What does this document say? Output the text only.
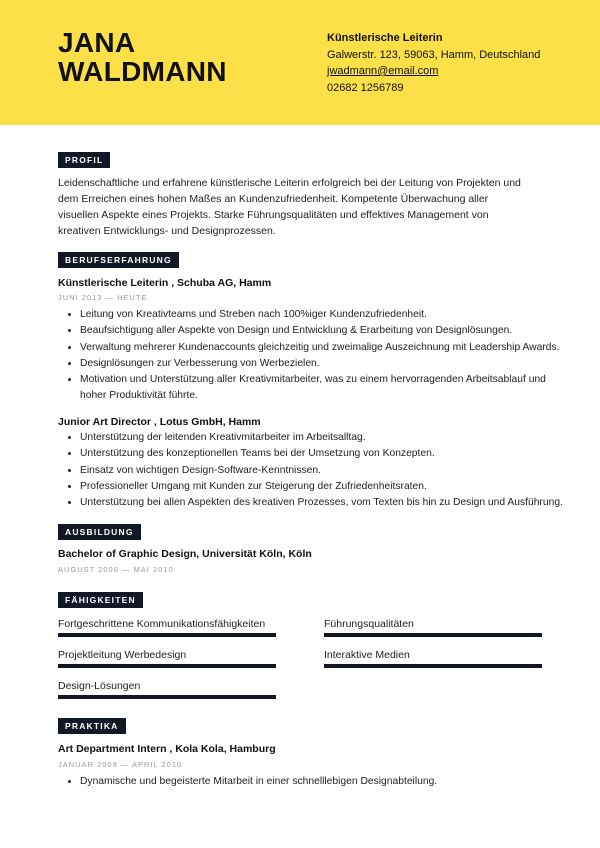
JANA
WALDMANN
Künstlerische Leiterin
Galwerstr. 123, 59063, Hamm, Deutschland
jwadmann@email.com
02682 1256789
PROFIL
Leidenschaftliche und erfahrene künstlerische Leiterin erfolgreich bei der Leitung von Projekten und dem Erreichen eines hohen Maßes an Kundenzufriedenheit. Kompetente Überwachung aller visuellen Aspekte eines Projekts. Starke Führungsqualitäten und effektives Management von kreativen Entwicklungs- und Designprozessen.
BERUFSERFAHRUNG
Künstlerische Leiterin , Schuba AG, Hamm
JUNI 2013 — HEUTE
• Leitung von Kreativteams und Streben nach 100%iger Kundenzufriedenheit.
• Beaufsichtigung aller Aspekte von Design und Entwicklung & Erarbeitung von Designlösungen.
• Verwaltung mehrerer Kundenaccounts gleichzeitig und zweimalige Auszeichnung mit Leadership Awards.
• Designlösungen zur Verbesserung von Werbezielen.
• Motivation und Unterstützung aller Kreativmitarbeiter, was zu einem hervorragenden Arbeitsablauf und hoher Produktivität führte.
Junior Art Director , Lotus GmbH, Hamm
• Unterstützung der leitenden Kreativmitarbeiter im Arbeitsalltag.
• Unterstützung des konzeptionellen Teams bei der Umsetzung von Konzepten.
• Einsatz von wichtigen Design-Software-Kenntnissen.
• Professioneller Umgang mit Kunden zur Steigerung der Zufriedenheitsraten.
• Unterstützung bei allen Aspekten des kreativen Prozesses, vom Texten bis hin zu Design und Ausführung.
AUSBILDUNG
Bachelor of Graphic Design, Universität Köln, Köln
AUGUST 2006 — MAI 2010
FÄHIGKEITEN
Fortgeschrittene Kommunikationsfähigkeiten	Führungsqualitäten
Projektleitung Werbedesign	Interaktive Medien
Design-Lösungen
PRAKTIKA
Art Department Intern , Kola Kola, Hamburg
JANUAR 2008 — APRIL 2010
• Dynamische und begeisterte Mitarbeit in einer schnelllebigen Designabteilung.
